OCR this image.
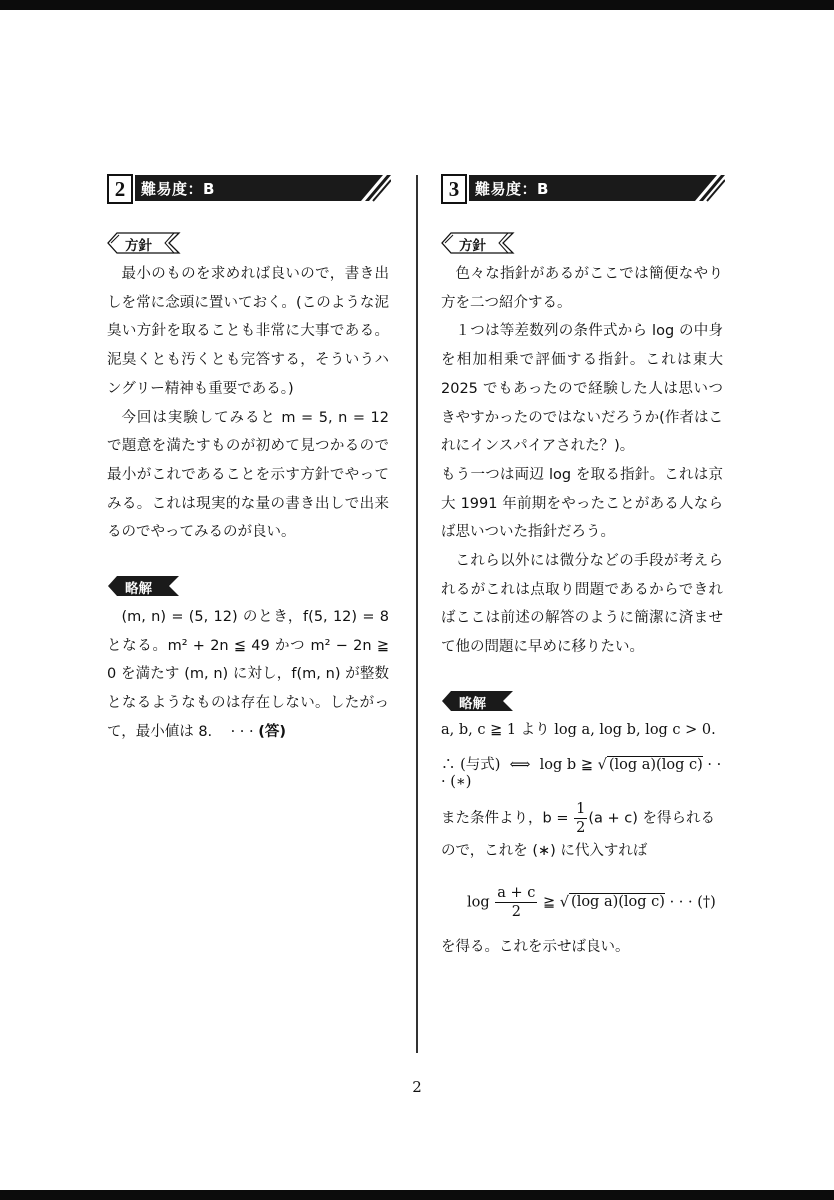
2	難易度：B
方針

最小のものを求めれば良いので，書き出しを常に念頭に置いておく。(このような泥臭い方針を取ることも非常に大事である。泥臭くとも汚くとも完答する，そういうハングリー精神も重要である。)

今回は実験してみると m = 5, n = 12 で題意を満たすものが初めて見つかるので最小がこれであることを示す方針でやってみる。これは現実的な量の書き出しで出来るのでやってみるのが良い。

略解

(m, n) = (5, 12) のとき，f(5, 12) = 8 となる。m² + 2n ≦ 49 かつ m² − 2n ≧ 0 を満たす (m, n) に対し，f(m, n) が整数となるようなものは存在しない。したがって，最小値は 8. · · · (答)

3	難易度：B
方針

色々な指針があるがここでは簡便なやり方を二つ紹介する。

１つは等差数列の条件式から log の中身を相加相乗で評価する指針。これは東大 2025 でもあったので経験した人は思いつきやすかったのではないだろうか(作者はこれにインスパイアされた？)。

もう一つは両辺 log を取る指針。これは京大 1991 年前期をやったことがある人ならば思いついた指針だろう。

これら以外には微分などの手段が考えられるがこれは点取り問題であるからできればここは前述の解答のように簡潔に済ませて他の問題に早めに移りたい。

略解
a, b, c ≧ 1 より log a, log b, log c > 0.
∴ (与式) ⟺ log b ≧ √ (log a)(log c) · · · (∗)
また条件より，$b = \frac{1}{2} (a + c)$ を得られる

ので，これを (∗) に代入すれば

$\log \frac{a + c}{2}$ ≧ √ (log a)(log c) · · · (†)

を得る。これを示せば良い。

2
